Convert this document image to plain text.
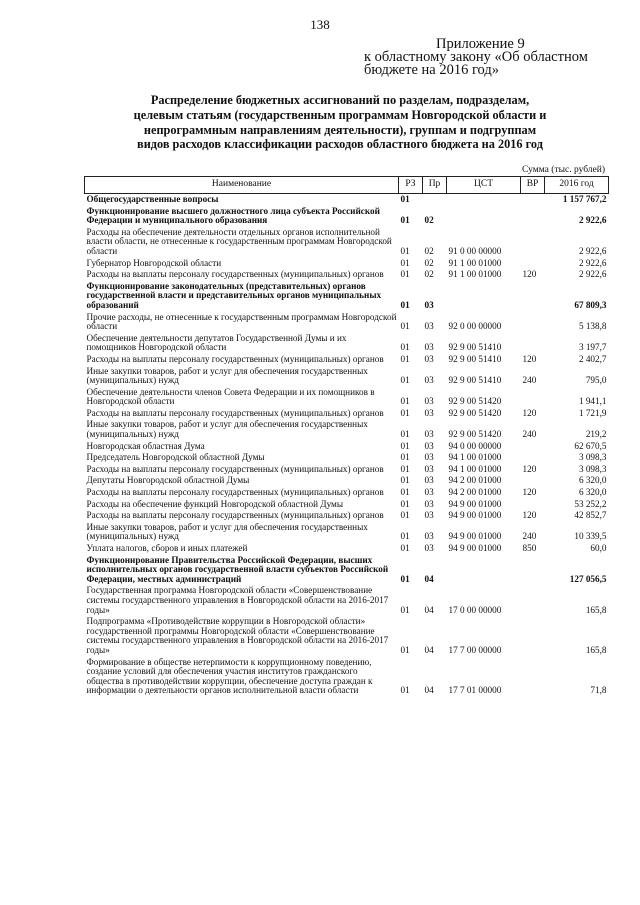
138
Приложение 9
к областному закону «Об областном
бюджете на 2016 год»
Распределение бюджетных ассигнований по разделам, подразделам,
целевым статьям (государственным программам Новгородской области и
непрограммным направлениям деятельности), группам и подгруппам
видов расходов классификации расходов областного бюджета на 2016 год
Сумма (тыс. рублей)
Наименование	РЗ	Пр	ЦСТ	ВР	2016 год
Общегосударственные вопросы	01				1 157 767,2
Функционирование высшего должностного лица субъекта Российской Федерации и муниципального образования	01	02			2 922,6
Расходы на обеспечение деятельности отдельных органов исполнительной власти области, не отнесенные к государственным программам Новгородской области	01	02	91 0 00 00000		2 922,6
Губернатор Новгородской области	01	02	91 1 00 01000		2 922,6
Расходы на выплаты персоналу государственных (муниципальных) органов	01	02	91 1 00 01000	120	2 922,6
Функционирование законодательных (представительных) органов государственной власти и представительных органов муниципальных образований	01	03			67 809,3
Прочие расходы, не отнесенные к государственным программам Новгородской области	01	03	92 0 00 00000		5 138,8
Обеспечение деятельности депутатов Государственной Думы и их помощников Новгородской области	01	03	92 9 00 51410		3 197,7
Расходы на выплаты персоналу государственных (муниципальных) органов	01	03	92 9 00 51410	120	2 402,7
Иные закупки товаров, работ и услуг для обеспечения государственных (муниципальных) нужд	01	03	92 9 00 51410	240	795,0
Обеспечение деятельности членов Совета Федерации и их помощников в Новгородской области	01	03	92 9 00 51420		1 941,1
Расходы на выплаты персоналу государственных (муниципальных) органов	01	03	92 9 00 51420	120	1 721,9
Иные закупки товаров, работ и услуг для обеспечения государственных (муниципальных) нужд	01	03	92 9 00 51420	240	219,2
Новгородская областная Дума	01	03	94 0 00 00000		62 670,5
Председатель Новгородской областной Думы	01	03	94 1 00 01000		3 098,3
Расходы на выплаты персоналу государственных (муниципальных) органов	01	03	94 1 00 01000	120	3 098,3
Депутаты Новгородской областной Думы	01	03	94 2 00 01000		6 320,0
Расходы на выплаты персоналу государственных (муниципальных) органов	01	03	94 2 00 01000	120	6 320,0
Расходы на обеспечение функций Новгородской областной Думы	01	03	94 9 00 01000		53 252,2
Расходы на выплаты персоналу государственных (муниципальных) органов	01	03	94 9 00 01000	120	42 852,7
Иные закупки товаров, работ и услуг для обеспечения государственных (муниципальных) нужд	01	03	94 9 00 01000	240	10 339,5
Уплата налогов, сборов и иных платежей	01	03	94 9 00 01000	850	60,0
Функционирование Правительства Российской Федерации, высших исполнительных органов государственной власти субъектов Российской Федерации, местных администраций	01	04			127 056,5
Государственная программа Новгородской области «Совершенствование системы государственного управления в Новгородской области на 2016-2017 годы»	01	04	17 0 00 00000		165,8
Подпрограмма «Противодействие коррупции в Новгородской области» государственной программы Новгородской области «Совершенствование системы государственного управления в Новгородской области на 2016-2017 годы»	01	04	17 7 00 00000		165,8
Формирование в обществе нетерпимости к коррупционному поведению, создание условий для обеспечения участия институтов гражданского общества в противодействии коррупции, обеспечение доступа граждан к информации о деятельности органов исполнительной власти области	01	04	17 7 01 00000		71,8
